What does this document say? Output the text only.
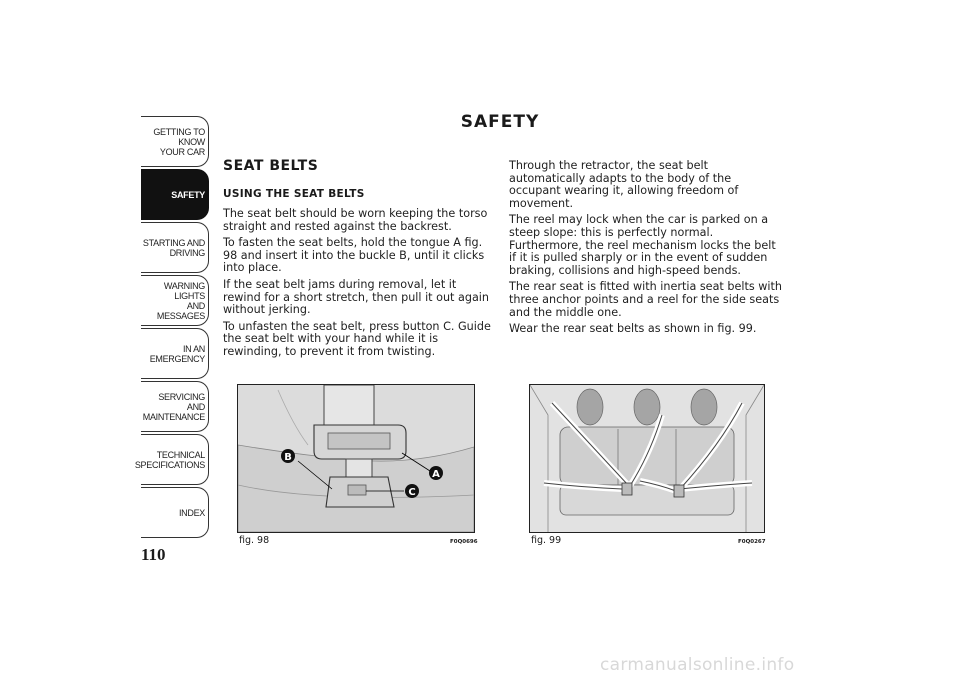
GETTING TO KNOW
YOUR CAR
SAFETY
STARTING AND
DRIVING
WARNING LIGHTS
AND MESSAGES
IN AN EMERGENCY
SERVICING AND
MAINTENANCE
TECHNICAL
SPECIFICATIONS
INDEX
110
SAFETY
SEAT BELTS
USING THE SEAT BELTS

The seat belt should be worn keeping the torso straight and rested against the backrest.

To fasten the seat belts, hold the tongue A fig. 98 and insert it into the buckle B, until it clicks into place.

If the seat belt jams during removal, let it rewind for a short stretch, then pull it out again without jerking.

To unfasten the seat belt, press button C. Guide the seat belt with your hand while it is rewinding, to prevent it from twisting.

Through the retractor, the seat belt automatically adapts to the body of the occupant wearing it, allowing freedom of movement.

The reel may lock when the car is parked on a steep slope: this is perfectly normal. Furthermore, the reel mechanism locks the belt if it is pulled sharply or in the event of sudden braking, collisions and high-speed bends.

The rear seat is fitted with inertia seat belts with three anchor points and a reel for the side seats and the middle one.

Wear the rear seat belts as shown in fig. 99.

B
A
C
fig. 98	F0Q0696	fig. 99	F0Q0267
carmanualsonline.info
